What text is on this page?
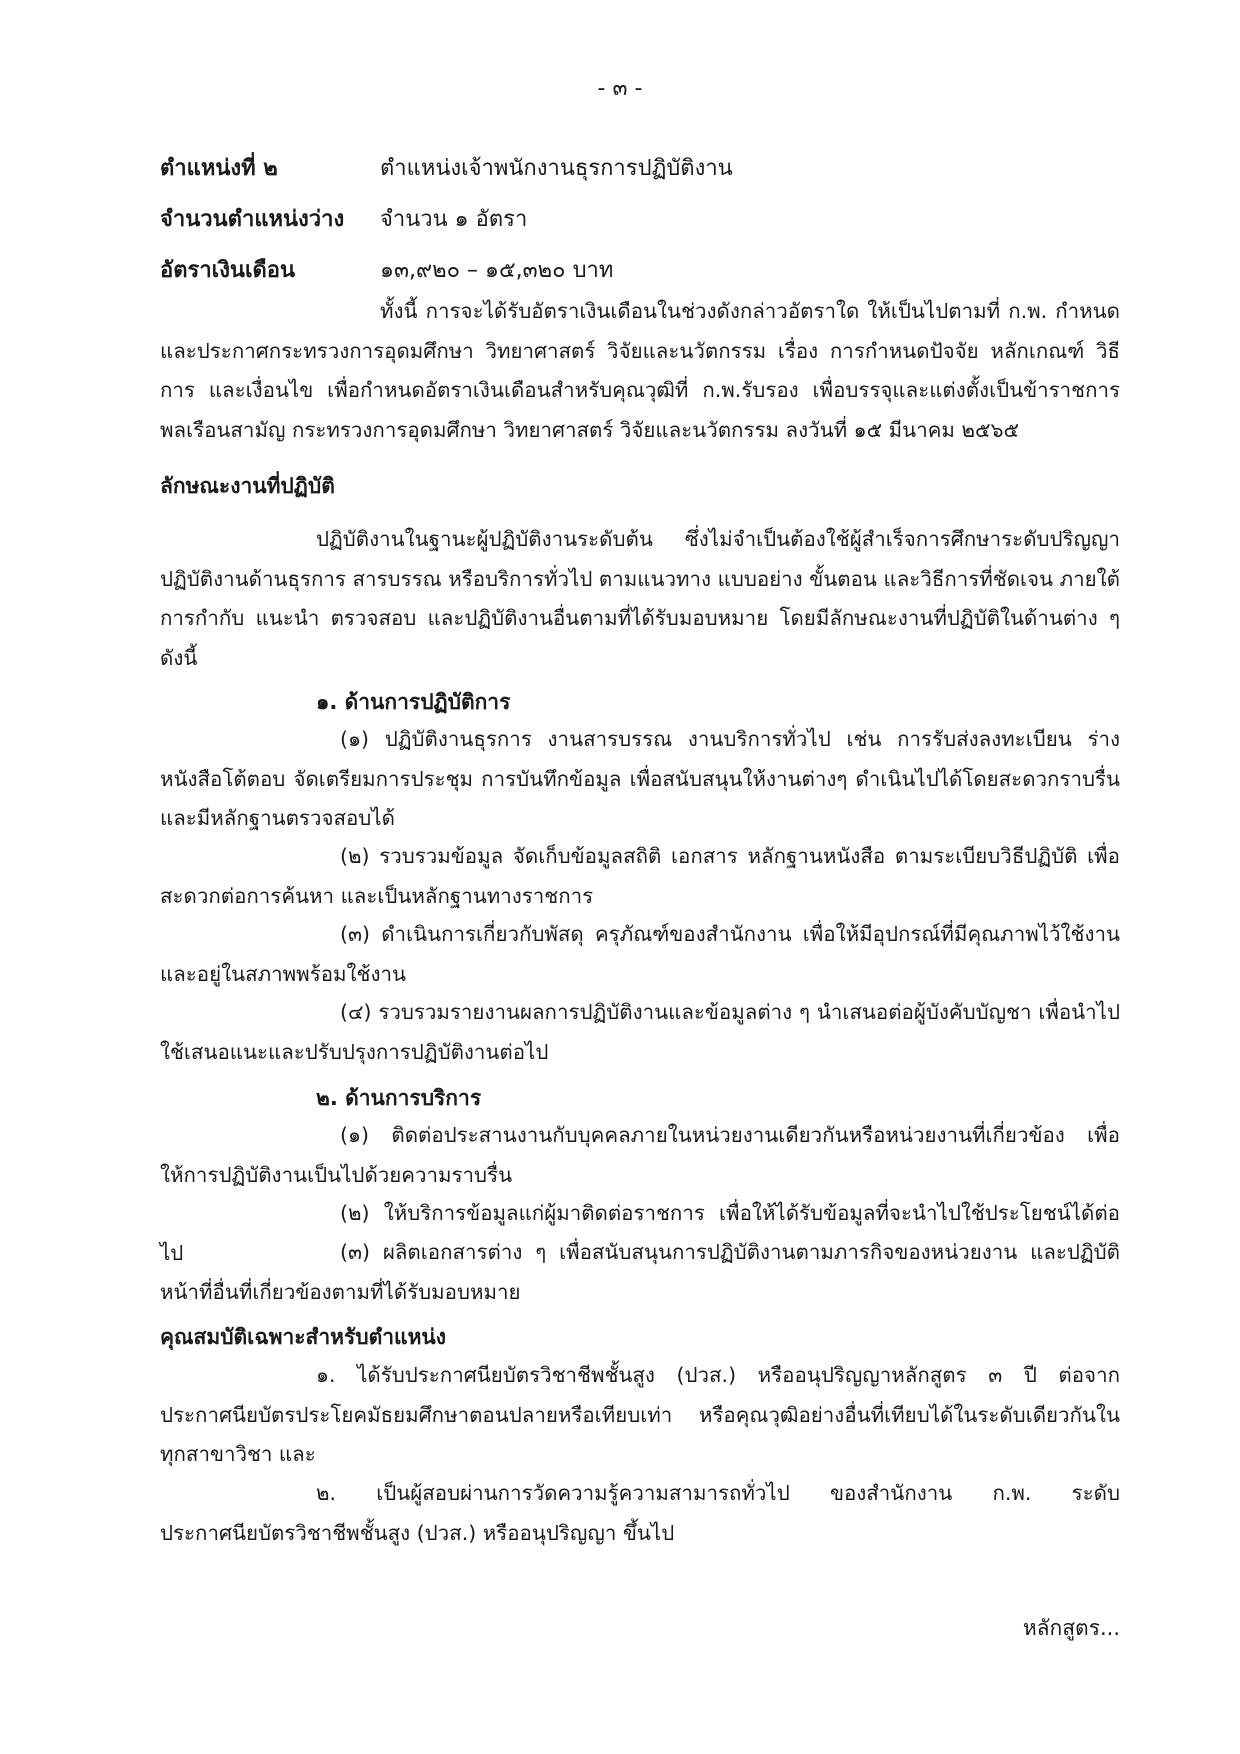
- ๓ -
ตำแหน่งที่ ๒	ตำแหน่งเจ้าพนักงานธุรการปฏิบัติงาน
จำนวนตำแหน่งว่าง จำนวน ๑ อัตรา
อัตราเงินเดือน	๑๓,๙๒๐ – ๑๕,๓๒๐ บาท
ทั้งนี้ การจะได้รับอัตราเงินเดือนในช่วงดังกล่าวอัตราใด ให้เป็นไปตามที่ ก.พ. กำหนด และประกาศกระทรวงการอุดมศึกษา วิทยาศาสตร์ วิจัยและนวัตกรรม เรื่อง การกำหนดปัจจัย หลักเกณฑ์ วิธีการ และเงื่อนไข เพื่อกำหนดอัตราเงินเดือนสำหรับคุณวุฒิที่ ก.พ.รับรอง เพื่อบรรจุและแต่งตั้งเป็นข้าราชการพลเรือนสามัญ กระทรวงการอุดมศึกษา วิทยาศาสตร์ วิจัยและนวัตกรรม ลงวันที่ ๑๕ มีนาคม ๒๕๖๕
ลักษณะงานที่ปฏิบัติ
ปฏิบัติงานในฐานะผู้ปฏิบัติงานระดับต้น ซึ่งไม่จำเป็นต้องใช้ผู้สำเร็จการศึกษาระดับปริญญา ปฏิบัติงานด้านธุรการ สารบรรณ หรือบริการทั่วไป ตามแนวทาง แบบอย่าง ขั้นตอน และวิธีการที่ชัดเจน ภายใต้การกำกับ แนะนำ ตรวจสอบ และปฏิบัติงานอื่นตามที่ได้รับมอบหมาย โดยมีลักษณะงานที่ปฏิบัติในด้านต่าง ๆ ดังนี้
๑. ด้านการปฏิบัติการ
(๑) ปฏิบัติงานธุรการ งานสารบรรณ งานบริการทั่วไป เช่น การรับส่งลงทะเบียน ร่างหนังสือโต้ตอบ จัดเตรียมการประชุม การบันทึกข้อมูล เพื่อสนับสนุนให้งานต่างๆ ดำเนินไปได้โดยสะดวกราบรื่นและมีหลักฐานตรวจสอบได้
(๒) รวบรวมข้อมูล จัดเก็บข้อมูลสถิติ เอกสาร หลักฐานหนังสือ ตามระเบียบวิธีปฏิบัติ เพื่อสะดวกต่อการค้นหา และเป็นหลักฐานทางราชการ
(๓) ดำเนินการเกี่ยวกับพัสดุ ครุภัณฑ์ของสำนักงาน เพื่อให้มีอุปกรณ์ที่มีคุณภาพไว้ใช้งาน และอยู่ในสภาพพร้อมใช้งาน
(๔) รวบรวมรายงานผลการปฏิบัติงานและข้อมูลต่าง ๆ นำเสนอต่อผู้บังคับบัญชา เพื่อนำไปใช้เสนอแนะและปรับปรุงการปฏิบัติงานต่อไป
๒. ด้านการบริการ
(๑) ติดต่อประสานงานกับบุคคลภายในหน่วยงานเดียวกันหรือหน่วยงานที่เกี่ยวข้อง เพื่อให้การปฏิบัติงานเป็นไปด้วยความราบรื่น
(๒) ให้บริการข้อมูลแก่ผู้มาติดต่อราชการ เพื่อให้ได้รับข้อมูลที่จะนำไปใช้ประโยชน์ได้ต่อไป	(๓) ผลิตเอกสารต่าง ๆ เพื่อสนับสนุนการปฏิบัติงานตามภารกิจของหน่วยงาน และปฏิบัติหน้าที่อื่นที่เกี่ยวข้องตามที่ได้รับมอบหมาย
คุณสมบัติเฉพาะสำหรับตำแหน่ง
๑. ได้รับประกาศนียบัตรวิชาชีพชั้นสูง (ปวส.) หรืออนุปริญญาหลักสูตร ๓ ปี ต่อจากประกาศนียบัตรประโยคมัธยมศึกษาตอนปลายหรือเทียบเท่า หรือคุณวุฒิอย่างอื่นที่เทียบได้ในระดับเดียวกันในทุกสาขาวิชา และ
๒. เป็นผู้สอบผ่านการวัดความรู้ความสามารถทั่วไป ของสำนักงาน ก.พ. ระดับประกาศนียบัตรวิชาชีพชั้นสูง (ปวส.) หรืออนุปริญญา ขึ้นไป
หลักสูตร...
